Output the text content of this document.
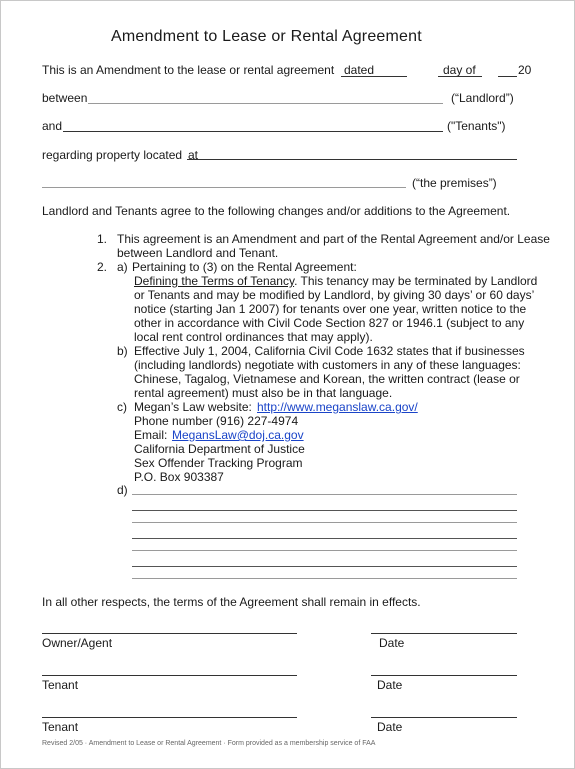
Amendment to Lease or Rental Agreement
This is an Amendment to the lease or rental agreement dated	day of	20
between	(“Landlord”)
and	("Tenants")
regarding property located at
(“the premises”)
Landlord and Tenants agree to the following changes and/or additions to the Agreement.
1. This agreement is an Amendment and part of the Rental Agreement and/or Lease
between Landlord and Tenant.
2. a) Pertaining to (3) on the Rental Agreement:
Defining the Terms of Tenancy. This tenancy may be terminated by Landlord
or Tenants and may be modified by Landlord, by giving 30 days’ or 60 days’
notice (starting Jan 1 2007) for tenants over one year, written notice to the
other in accordance with Civil Code Section 827 or 1946.1 (subject to any
local rent control ordinances that may apply).
b) Effective July 1, 2004, California Civil Code 1632 states that if businesses
(including landlords) negotiate with customers in any of these languages:
Chinese, Tagalog, Vietnamese and Korean, the written contract (lease or
rental agreement) must also be in that language.
c) Megan’s Law website: http://www.meganslaw.ca.gov/
Phone number (916) 227-4974
Email: MegansLaw@doj.ca.gov
California Department of Justice
Sex Offender Tracking Program
P.O. Box 903387
d)
In all other respects, the terms of the Agreement shall remain in effects.
Owner/Agent	Date
Tenant	Date
Tenant	Date
Revised 2/05 · Amendment to Lease or Rental Agreement · Form provided as a membership service of FAA
